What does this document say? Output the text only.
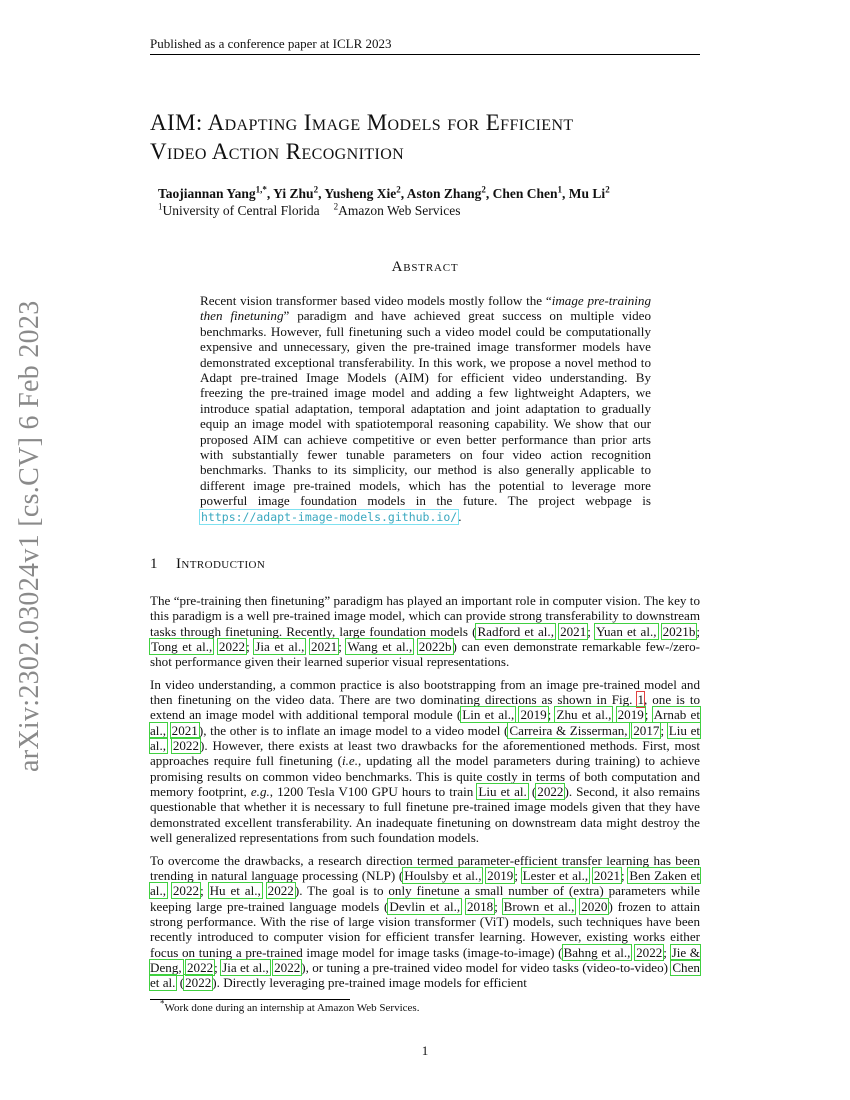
Published as a conference paper at ICLR 2023
arXiv:2302.03024v1 [cs.CV] 6 Feb 2023
AIM: Adapting Image Models for Efficient
Video Action Recognition
Taojiannan Yang$^{1,*}$, Yi Zhu$^2$, Yusheng Xie$^2$, Aston Zhang$^2$, Chen Chen$^1$, Mu Li$^2$
$^1$University of Central Florida $^2$Amazon Web Services
Abstract
Recent vision transformer based video models mostly follow the “image pre-training then finetuning” paradigm and have achieved great success on multiple video benchmarks. However, full finetuning such a video model could be computationally expensive and unnecessary, given the pre-trained image transformer models have demonstrated exceptional transferability. In this work, we propose a novel method to Adapt pre-trained Image Models (AIM) for efficient video understanding. By freezing the pre-trained image model and adding a few lightweight Adapters, we introduce spatial adaptation, temporal adaptation and joint adaptation to gradually equip an image model with spatiotemporal reasoning capability. We show that our proposed AIM can achieve competitive or even better performance than prior arts with substantially fewer tunable parameters on four video action recognition benchmarks. Thanks to its simplicity, our method is also generally applicable to different image pre-trained models, which has the potential to leverage more powerful image foundation models in the future. The project webpage is https://adapt-image-models.github.io/.
1 Introduction

The “pre-training then finetuning” paradigm has played an important role in computer vision. The key to this paradigm is a well pre-trained image model, which can provide strong transferability to downstream tasks through finetuning. Recently, large foundation models (Radford et al., 2021; Yuan et al., 2021b; Tong et al., 2022; Jia et al., 2021; Wang et al., 2022b) can even demonstrate remarkable few-/zero-shot performance given their learned superior visual representations.

In video understanding, a common practice is also bootstrapping from an image pre-trained model and then finetuning on the video data. There are two dominating directions as shown in Fig. 1, one is to extend an image model with additional temporal module (Lin et al., 2019; Zhu et al., 2019; Arnab et al., 2021), the other is to inflate an image model to a video model (Carreira & Zisserman, 2017; Liu et al., 2022). However, there exists at least two drawbacks for the aforementioned methods. First, most approaches require full finetuning (i.e., updating all the model parameters during training) to achieve promising results on common video benchmarks. This is quite costly in terms of both computation and memory footprint, e.g., 1200 Tesla V100 GPU hours to train Liu et al. (2022). Second, it also remains questionable that whether it is necessary to full finetune pre-trained image models given that they have demonstrated excellent transferability. An inadequate finetuning on downstream data might destroy the well generalized representations from such foundation models.

To overcome the drawbacks, a research direction termed parameter-efficient transfer learning has been trending in natural language processing (NLP) (Houlsby et al., 2019; Lester et al., 2021; Ben Zaken et al., 2022; Hu et al., 2022). The goal is to only finetune a small number of (extra) parameters while keeping large pre-trained language models (Devlin et al., 2018; Brown et al., 2020) frozen to attain strong performance. With the rise of large vision transformer (ViT) models, such techniques have been recently introduced to computer vision for efficient transfer learning. However, existing works either focus on tuning a pre-trained image model for image tasks (image-to-image) (Bahng et al., 2022; Jie & Deng, 2022; Jia et al., 2022), or tuning a pre-trained video model for video tasks (video-to-video) Chen et al. (2022). Directly leveraging pre-trained image models for efficient

*Work done during an internship at Amazon Web Services.
1
